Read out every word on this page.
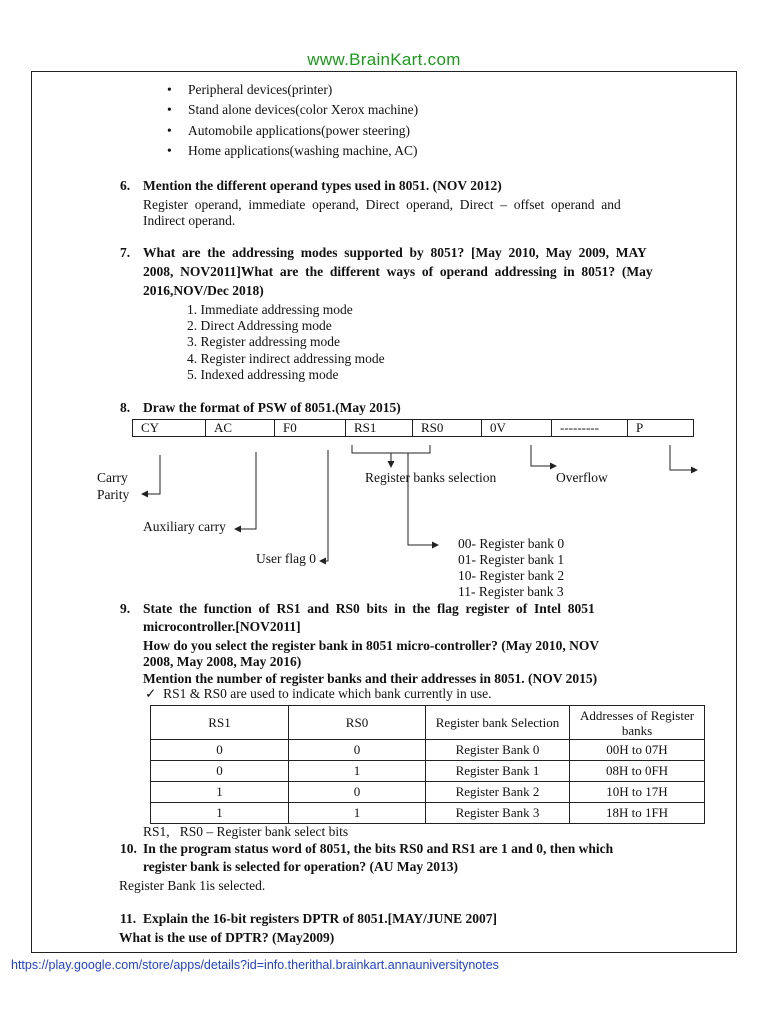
www.BrainKart.com
• Peripheral devices(printer)
• Stand alone devices(color Xerox machine)
• Automobile applications(power steering)
• Home applications(washing machine, AC)
6. Mention the different operand types used in 8051. (NOV 2012)
Register  operand,  immediate  operand,  Direct  operand,  Direct  –  offset  operand  and
Indirect operand.
7. What  are  the  addressing  modes  supported  by  8051?  [May  2010,  May  2009,  MAY
2008,  NOV2011]What  are  the  different  ways  of  operand  addressing  in  8051?  (May
2016,NOV/Dec 2018)
1. Immediate addressing mode
2. Direct Addressing mode
3. Register addressing mode
4. Register indirect addressing mode
5. Indexed addressing mode
8. Draw the format of PSW of 8051.(May 2015)
CY	AC	F0	RS1	RS0	0V	---------	P
Carry
Parity
Auxiliary carry
User flag 0
Register banks selection	Overflow
00- Register bank 0
01- Register bank 1
10- Register bank 2
11- Register bank 3
9. State  the  function  of  RS1  and  RS0  bits  in  the  flag  register  of  Intel  8051
microcontroller.[NOV2011]
How do you select the register bank in 8051 micro-controller? (May 2010, NOV
2008, May 2008, May 2016)
Mention the number of register banks and their addresses in 8051. (NOV 2015)
✓ RS1 & RS0 are used to indicate which bank currently in use.
RS1	RS0	Register bank Selection	Addresses of Register banks
0	0	Register Bank 0	00H to 07H
0	1	Register Bank 1	08H to 0FH
1	0	Register Bank 2	10H to 17H
1	1	Register Bank 3	18H to 1FH
RS1,   RS0 – Register bank select bits
10. In the program status word of 8051, the bits RS0 and RS1 are 1 and 0, then which
register bank is selected for operation? (AU May 2013)
Register Bank 1is selected.
11. Explain the 16-bit registers DPTR of 8051.[MAY/JUNE 2007]
What is the use of DPTR? (May2009)
https://play.google.com/store/apps/details?id=info.therithal.brainkart.annauniversitynotes
